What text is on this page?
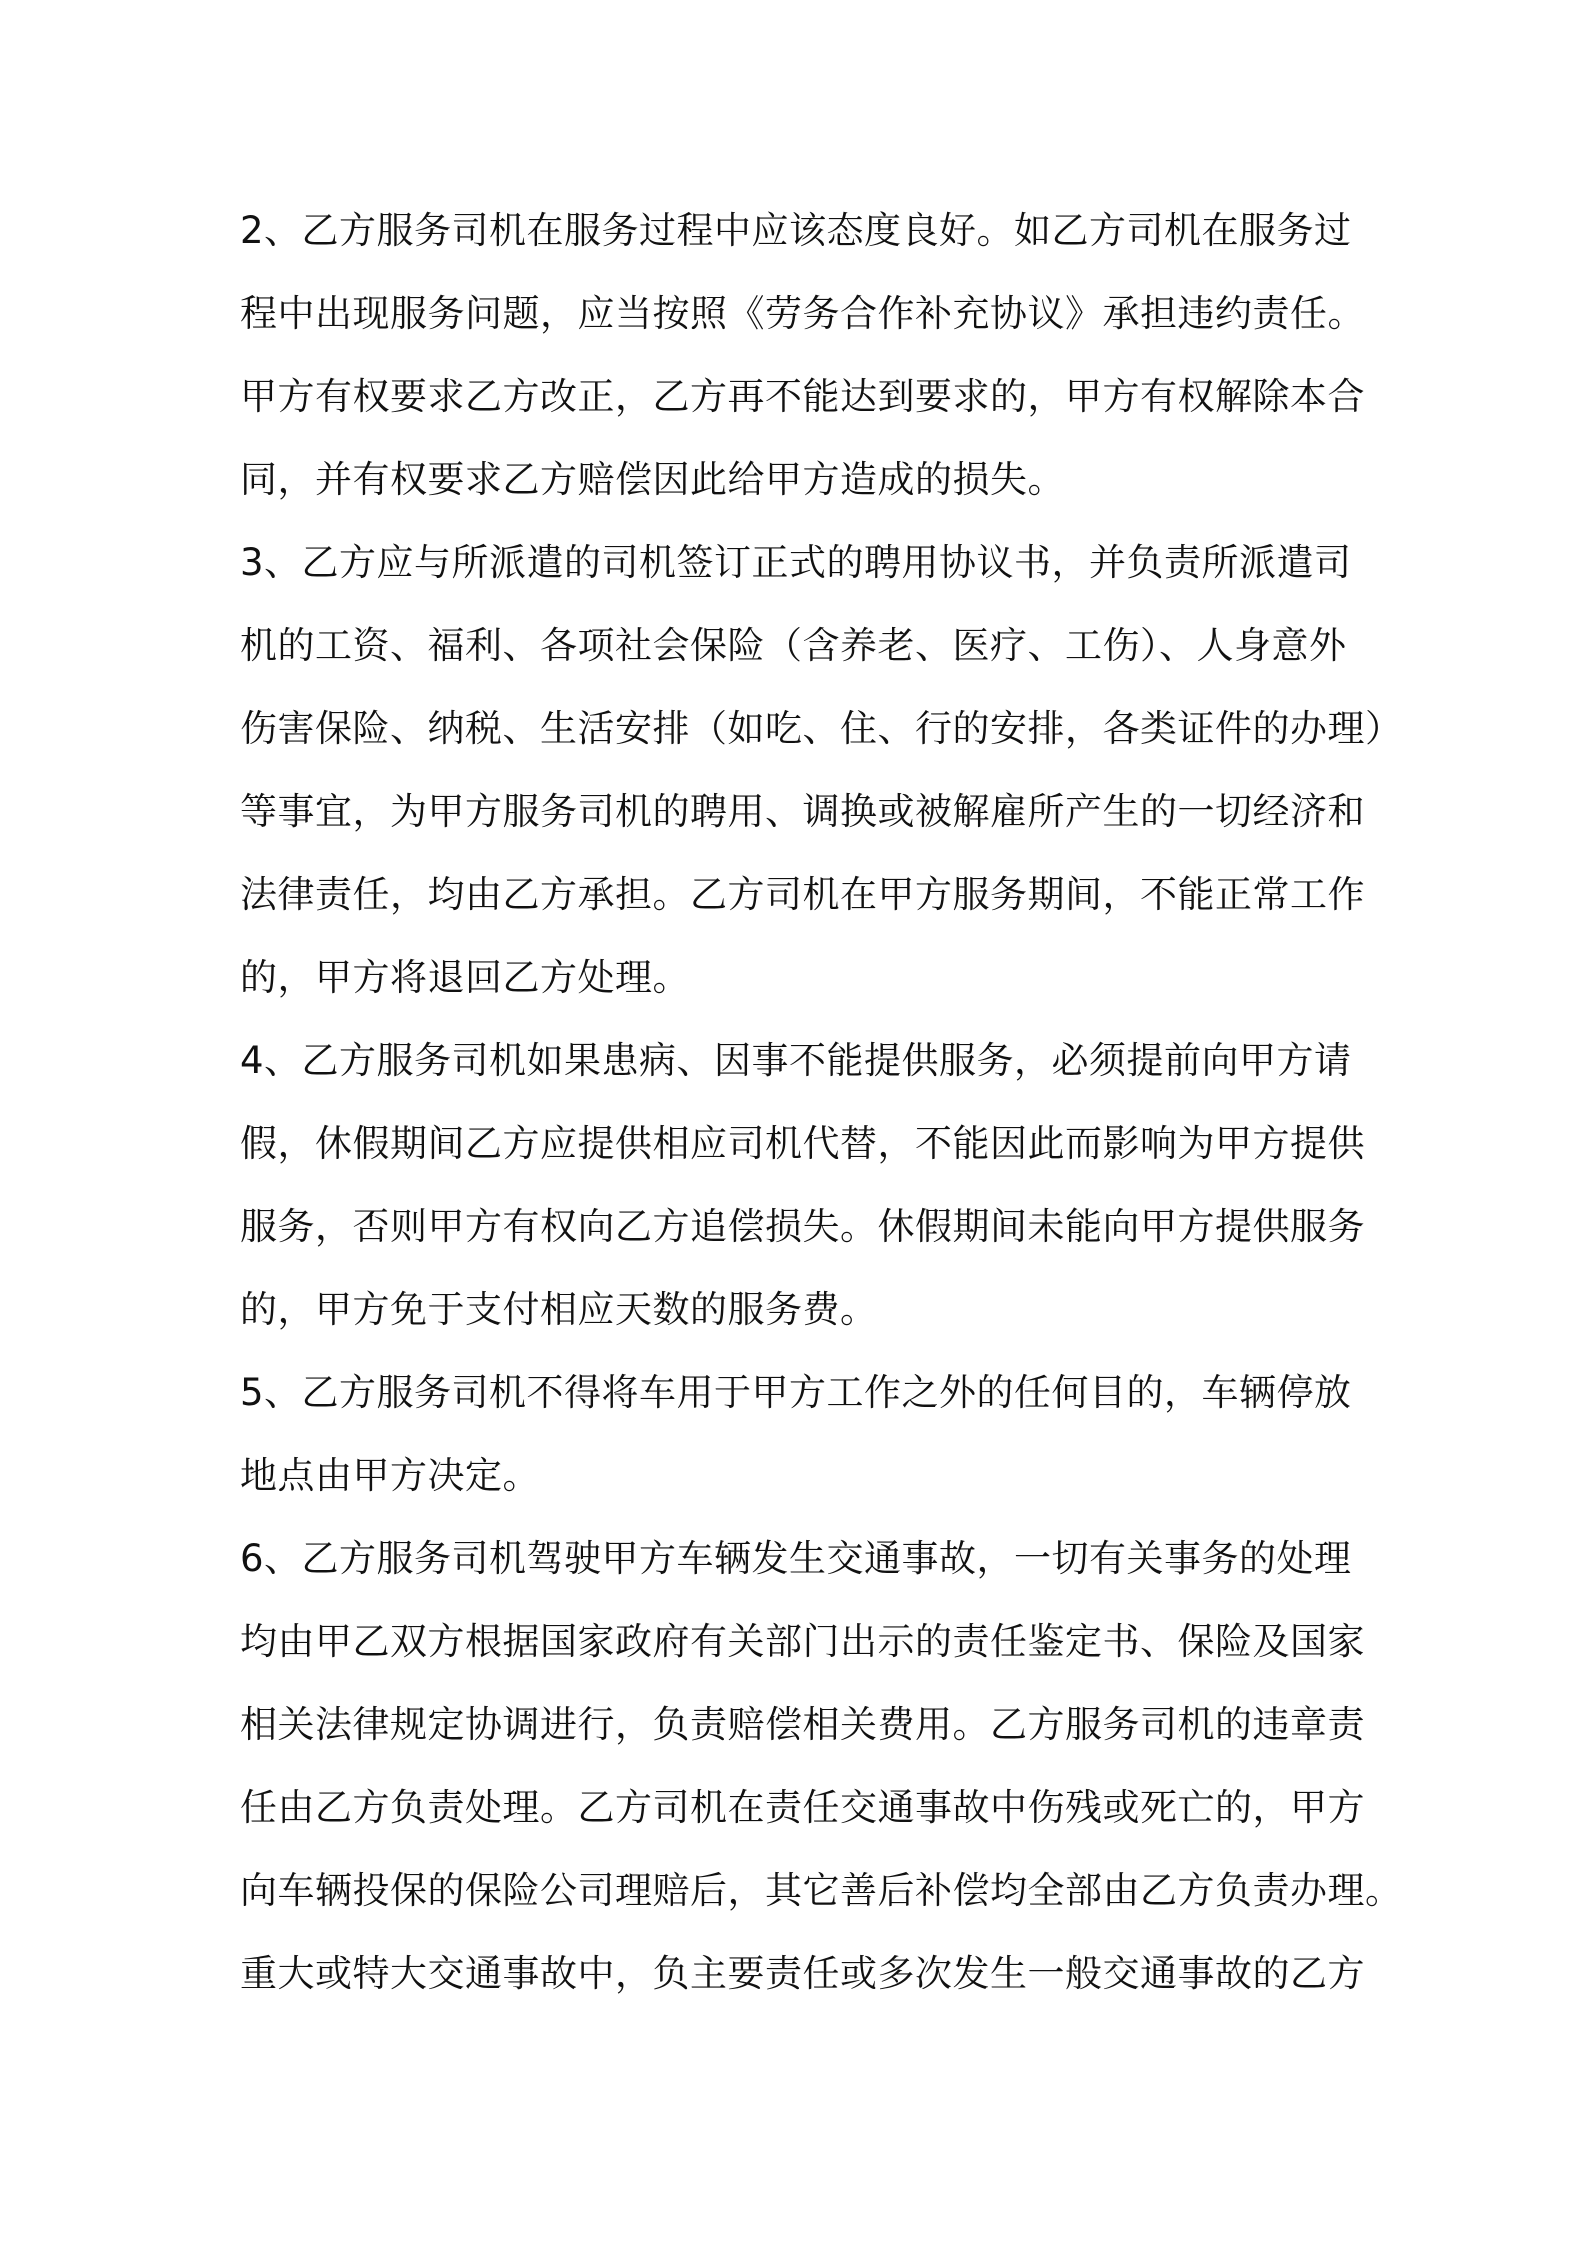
2、乙方服务司机在服务过程中应该态度良好。如乙方司机在服务过
程中出现服务问题，应当按照《劳务合作补充协议》承担违约责任。
甲方有权要求乙方改正，乙方再不能达到要求的，甲方有权解除本合
同，并有权要求乙方赔偿因此给甲方造成的损失。
3、乙方应与所派遣的司机签订正式的聘用协议书，并负责所派遣司
机的工资、福利、各项社会保险（含养老、医疗、工伤）、人身意外
伤害保险、纳税、生活安排（如吃、住、行的安排，各类证件的办理）
等事宜，为甲方服务司机的聘用、调换或被解雇所产生的一切经济和
法律责任，均由乙方承担。乙方司机在甲方服务期间，不能正常工作
的，甲方将退回乙方处理。
4、乙方服务司机如果患病、因事不能提供服务，必须提前向甲方请
假，休假期间乙方应提供相应司机代替，不能因此而影响为甲方提供
服务，否则甲方有权向乙方追偿损失。休假期间未能向甲方提供服务
的，甲方免于支付相应天数的服务费。
5、乙方服务司机不得将车用于甲方工作之外的任何目的，车辆停放
地点由甲方决定。
6、乙方服务司机驾驶甲方车辆发生交通事故，一切有关事务的处理
均由甲乙双方根据国家政府有关部门出示的责任鉴定书、保险及国家
相关法律规定协调进行，负责赔偿相关费用。乙方服务司机的违章责
任由乙方负责处理。乙方司机在责任交通事故中伤残或死亡的，甲方
向车辆投保的保险公司理赔后，其它善后补偿均全部由乙方负责办理。
重大或特大交通事故中，负主要责任或多次发生一般交通事故的乙方
